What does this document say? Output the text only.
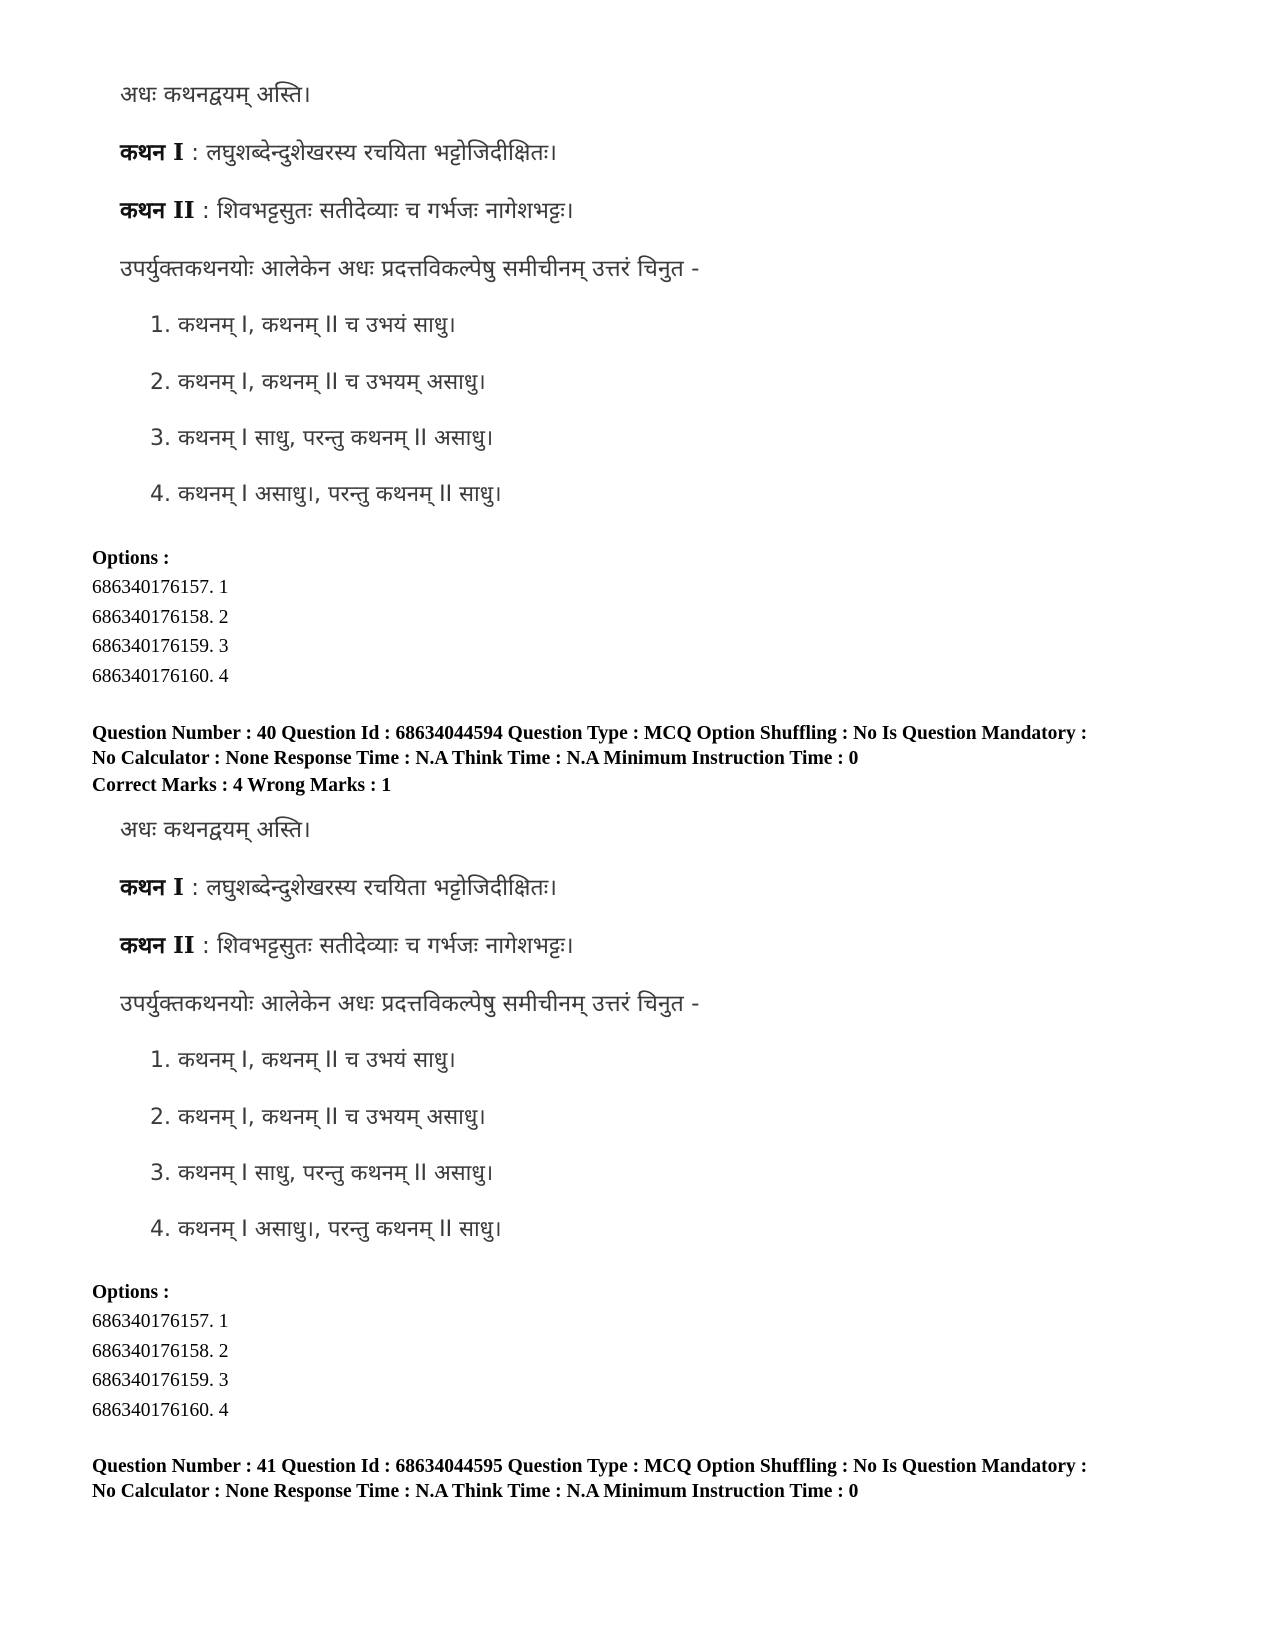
अधः कथनद्वयम् अस्ति।
कथन I : लघुशब्देन्दुशेखरस्य रचयिता भट्टोजिदीक्षितः।
कथन II : शिवभट्टसुतः सतीदेव्याः च गर्भजः नागेशभट्टः।
उपर्युक्तकथनयोः आलेकेन अधः प्रदत्तविकल्पेषु समीचीनम् उत्तरं चिनुत -
1. कथनम् I, कथनम् II च उभयं साधु।
2. कथनम् I, कथनम् II च उभयम् असाधु।
3. कथनम् I साधु, परन्तु कथनम् II असाधु।
4. कथनम् I असाधु।, परन्तु कथनम् II साधु।
Options :
686340176157. 1
686340176158. 2
686340176159. 3
686340176160. 4
Question Number : 40 Question Id : 68634044594 Question Type : MCQ Option Shuffling : No Is Question Mandatory :
No Calculator : None Response Time : N.A Think Time : N.A Minimum Instruction Time : 0
Correct Marks : 4 Wrong Marks : 1
अधः कथनद्वयम् अस्ति।
कथन I : लघुशब्देन्दुशेखरस्य रचयिता भट्टोजिदीक्षितः।
कथन II : शिवभट्टसुतः सतीदेव्याः च गर्भजः नागेशभट्टः।
उपर्युक्तकथनयोः आलेकेन अधः प्रदत्तविकल्पेषु समीचीनम् उत्तरं चिनुत -
1. कथनम् I, कथनम् II च उभयं साधु।
2. कथनम् I, कथनम् II च उभयम् असाधु।
3. कथनम् I साधु, परन्तु कथनम् II असाधु।
4. कथनम् I असाधु।, परन्तु कथनम् II साधु।
Options :
686340176157. 1
686340176158. 2
686340176159. 3
686340176160. 4
Question Number : 41 Question Id : 68634044595 Question Type : MCQ Option Shuffling : No Is Question Mandatory :
No Calculator : None Response Time : N.A Think Time : N.A Minimum Instruction Time : 0
